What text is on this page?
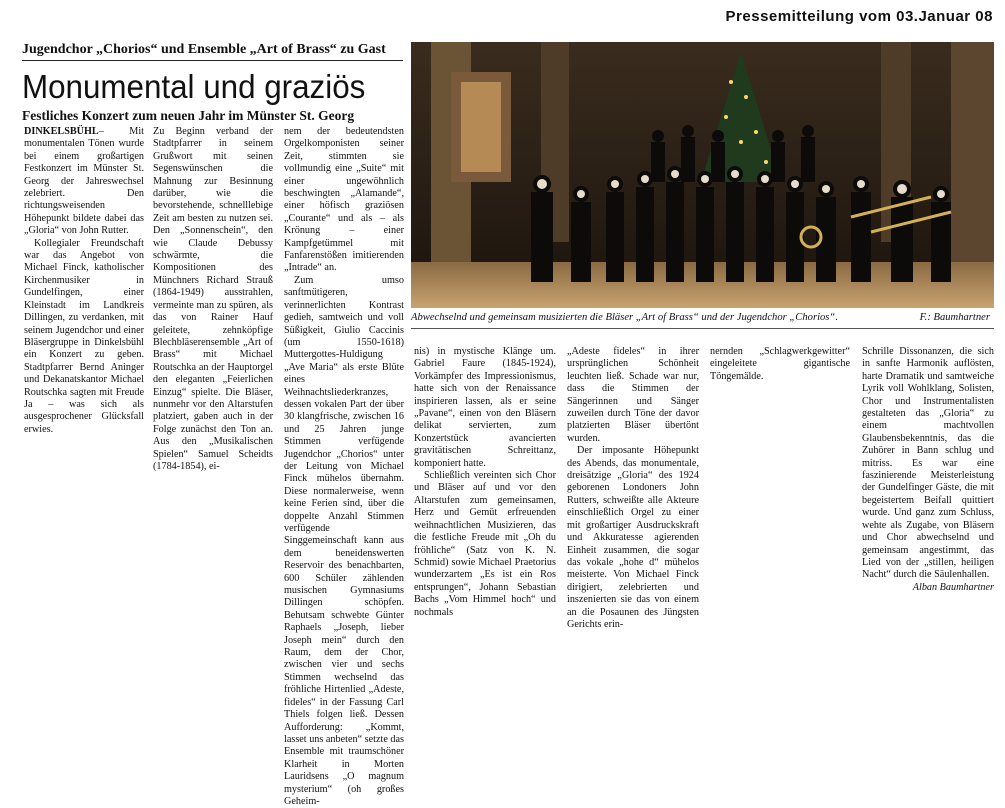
Pressemitteilung vom 03.Januar 08
Jugendchor „Chorios“ und Ensemble „Art of Brass“ zu Gast
Monumental und graziös
Festliches Konzert zum neuen Jahr im Münster St. Georg

DINKELSBÜHL– Mit monumentalen Tönen wurde bei einem großartigen Festkonzert im Münster St. Georg der Jahreswechsel zelebriert. Den richtungsweisenden Höhepunkt bildete dabei das „Gloria“ von John Rutter.

Kollegialer Freundschaft war das Angebot von Michael Finck, katholischer Kirchenmusiker in Gundelfingen, einer Kleinstadt im Landkreis Dillingen, zu verdanken, mit seinem Jugendchor und einer Bläsergruppe in Dinkelsbühl ein Konzert zu geben. Stadtpfarrer Bernd Aninger und Dekanatskantor Michael Routschka sagten mit Freude Ja – was sich als ausgesprochener Glücksfall erwies.

Zu Beginn verband der Stadtpfarrer in seinem Grußwort mit seinen Segenswünschen die Mahnung zur Besinnung darüber, wie die bevorstehende, schnelllebige Zeit am besten zu nutzen sei. Den „Sonnenschein“, den wie Claude Debussy schwärmte, die Kompositionen des Münchners Richard Strauß (1864-1949) ausstrahlen, vermeinte man zu spüren, als das von Rainer Hauf geleitete, zehnköpfige Blechbläserensemble „Art of Brass“ mit Michael Routschka an der Hauptorgel den eleganten „Feierlichen Einzug“ spielte. Die Bläser, nunmehr vor den Altarstufen platziert, gaben auch in der Folge zunächst den Ton an. Aus den „Musikalischen Spielen“ Samuel Scheidts (1784-1854), ei-

nem der bedeutendsten Orgelkomponisten seiner Zeit, stimmten sie vollmundig eine „Suite“ mit einer ungewöhnlich beschwingten „Alamande“, einer höfisch graziösen „Courante“ und als – als Krönung – einer Kampfgetümmel mit Fanfarenstößen imitierenden „Intrade“ an.

Zum umso sanftmütigeren, verinnerlichten Kontrast gedieh, samtweich und voll Süßigkeit, Giulio Caccinis (um 1550-1618) Muttergottes-Huldigung „Ave Maria“ als erste Blüte eines Weihnachtsliederkranzes, dessen vokalen Part der über 30 klangfrische, zwischen 16 und 25 Jahren junge Stimmen verfügende Jugendchor „Chorios“ unter der Leitung von Michael Finck mühelos übernahm. Diese normalerweise, wenn keine Ferien sind, über die doppelte Anzahl Stimmen verfügende Singgemeinschaft kann aus dem beneidenswerten Reservoir des benachbarten, 600 Schüler zählenden musischen Gymnasiums Dillingen schöpfen. Behutsam schwebte Günter Raphaels „Joseph, lieber Joseph mein“ durch den Raum, dem der Chor, zwischen vier und sechs Stimmen wechselnd das fröhliche Hirtenlied „Adeste, fideles“ in der Fassung Carl Thiels folgen ließ. Dessen Aufforderung: „Kommt, lasset uns anbeten“ setzte das Ensemble mit traumschöner Klarheit in Morten Lauridsens „O magnum mysterium“ (oh großes Geheim-

Abwechselnd und gemeinsam musizierten die Bläser „Art of Brass“ und der Jugendchor „Chorios“.	F.: Baumhartner

nis) in mystische Klänge um. Gabriel Faure (1845-1924), Vorkämpfer des Impressionismus, hatte sich von der Renaissance inspirieren lassen, als er seine „Pavane“, einen von den Bläsern delikat servierten, zum Konzertstück avancierten gravitätischen Schreittanz, komponiert hatte.

Schließlich vereinten sich Chor und Bläser auf und vor den Altarstufen zum gemeinsamen, Herz und Gemüt erfreuenden weihnachtlichen Musizieren, das die festliche Freude mit „Oh du fröhliche“ (Satz von K. N. Schmid) sowie Michael Praetorius wunderzartem „Es ist ein Ros entsprungen“, Johann Sebastian Bachs „Vom Himmel hoch“ und nochmals

„Adeste fideles“ in ihrer ursprünglichen Schönheit leuchten ließ. Schade war nur, dass die Stimmen der Sängerinnen und Sänger zuweilen durch Töne der davor platzierten Bläser übertönt wurden.

Der imposante Höhepunkt des Abends, das monumentale, dreisätzige „Gloria“ des 1924 geborenen Londoners John Rutters, schweißte alle Akteure einschließlich Orgel zu einer mit großartiger Ausdruckskraft und Akkuratesse agierenden Einheit zusammen, die sogar das vokale „hohe d“ mühelos meisterte. Von Michael Finck dirigiert, zelebrierten und inszenierten sie das von einem an die Posaunen des Jüngsten Gerichts erin-

nernden „Schlagwerkgewitter“ eingeleitete gigantische Töngemälde.

Schrille Dissonanzen, die sich in sanfte Harmonik auflösten, harte Dramatik und samtweiche Lyrik voll Wohlklang, Solisten, Chor und Instrumentalisten gestalteten das „Gloria“ zu einem machtvollen Glaubensbekenntnis, das die Zuhörer in Bann schlug und mitriss. Es war eine faszinierende Meisterleistung der Gundelfinger Gäste, die mit begeistertem Beifall quittiert wurde. Und ganz zum Schluss, wehte als Zugabe, von Bläsern und Chor abwechselnd und gemeinsam angestimmt, das Lied von der „stillen, heiligen Nacht“ durch die Säulenhallen.

Alban Baumhartner
